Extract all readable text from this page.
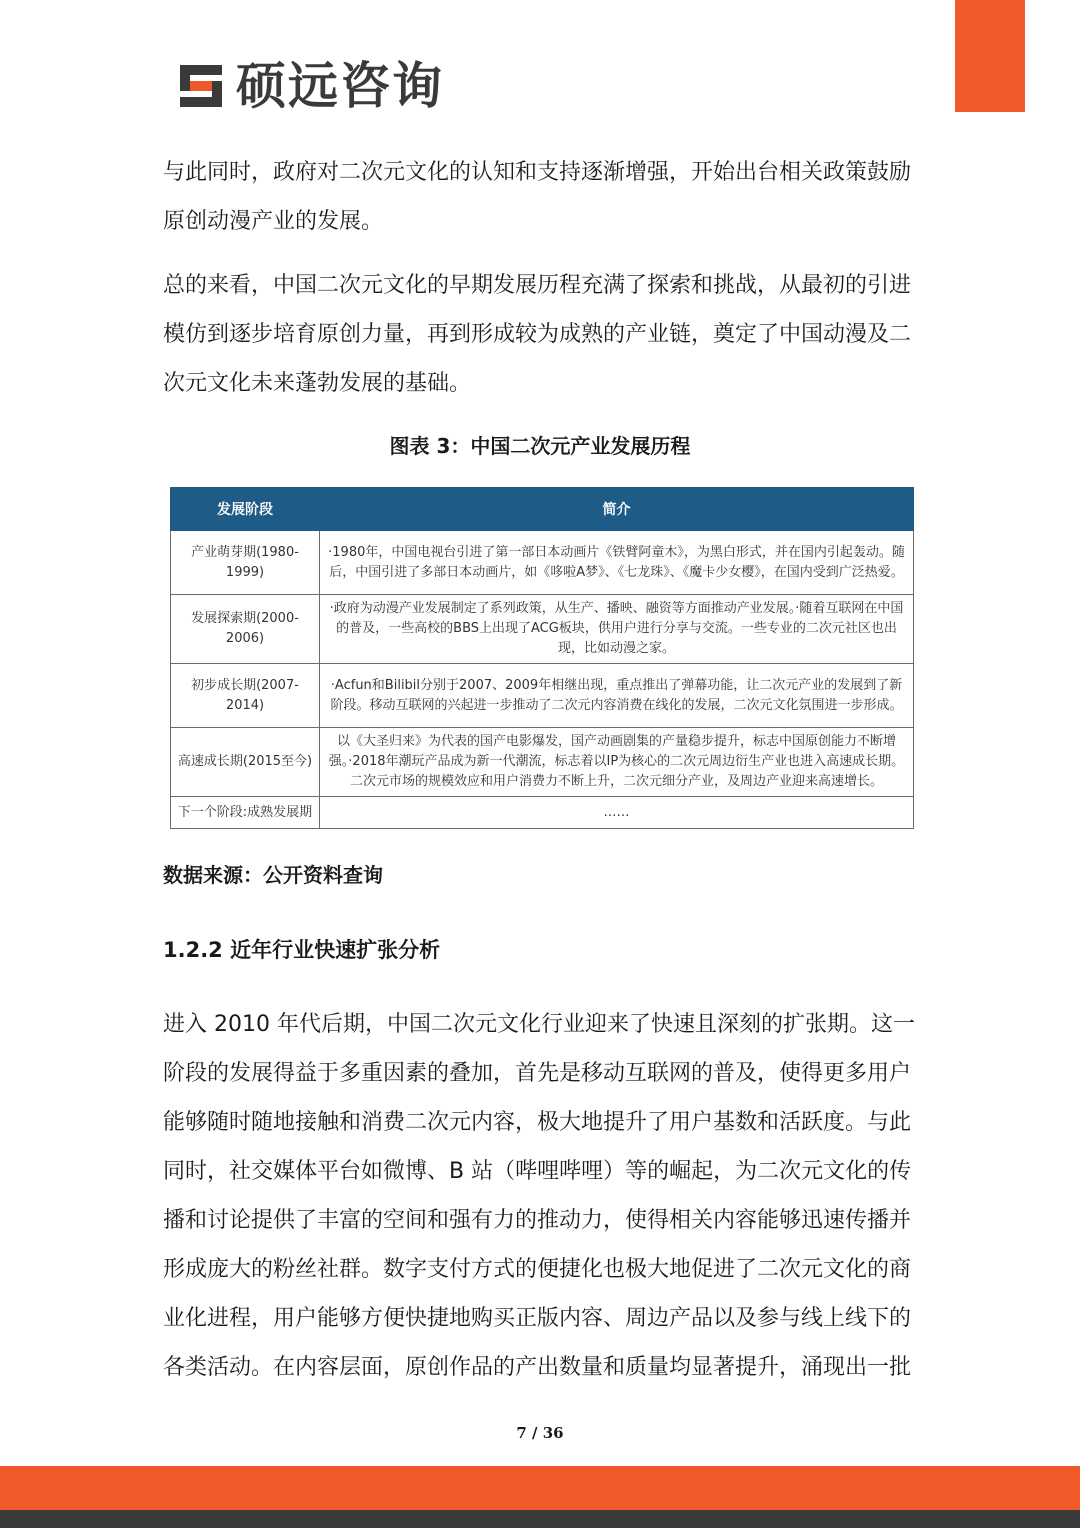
硕远咨询

与此同时，政府对二次元文化的认知和支持逐渐增强，开始出台相关政策鼓励
原创动漫产业的发展。

总的来看，中国二次元文化的早期发展历程充满了探索和挑战，从最初的引进
模仿到逐步培育原创力量，再到形成较为成熟的产业链，奠定了中国动漫及二
次元文化未来蓬勃发展的基础。

图表 3：中国二次元产业发展历程
发展阶段	简介
产业萌芽期(1980-1999)	·1980年，中国电视台引进了第一部日本动画片《铁臂阿童木》，为黑白形式，并在国内引起轰动。随后，中国引进了多部日本动画片，如《哆啦A梦》、《七龙珠》、《魔卡少女樱》，在国内受到广泛热爱。
发展探索期(2000-2006)	·政府为动漫产业发展制定了系列政策，从生产、播映、融资等方面推动产业发展。·随着互联网在中国的普及，一些高校的BBS上出现了ACG板块，供用户进行分享与交流。一些专业的二次元社区也出现，比如动漫之家。
初步成长期(2007-2014)	·Acfun和Bilibil分别于2007、2009年相继出现，重点推出了弹幕功能，让二次元产业的发展到了新阶段。移动互联网的兴起进一步推动了二次元内容消费在线化的发展，二次元文化氛围进一步形成。
高速成长期(2015至今)	以《大圣归来》为代表的国产电影爆发，国产动画剧集的产量稳步提升，标志中国原创能力不断增强。·2018年潮玩产品成为新一代潮流，标志着以IP为核心的二次元周边衍生产业也进入高速成长期。二次元市场的规模效应和用户消费力不断上升，二次元细分产业，及周边产业迎来高速增长。
下一个阶段:成熟发展期	……
数据来源：公开资料查询
1.2.2 近年行业快速扩张分析

进入 2010 年代后期，中国二次元文化行业迎来了快速且深刻的扩张期。这一
阶段的发展得益于多重因素的叠加，首先是移动互联网的普及，使得更多用户
能够随时随地接触和消费二次元内容，极大地提升了用户基数和活跃度。与此
同时，社交媒体平台如微博、B 站（哔哩哔哩）等的崛起，为二次元文化的传
播和讨论提供了丰富的空间和强有力的推动力，使得相关内容能够迅速传播并
形成庞大的粉丝社群。数字支付方式的便捷化也极大地促进了二次元文化的商
业化进程，用户能够方便快捷地购买正版内容、周边产品以及参与线上线下的
各类活动。在内容层面，原创作品的产出数量和质量均显著提升，涌现出一批

7 / 36
